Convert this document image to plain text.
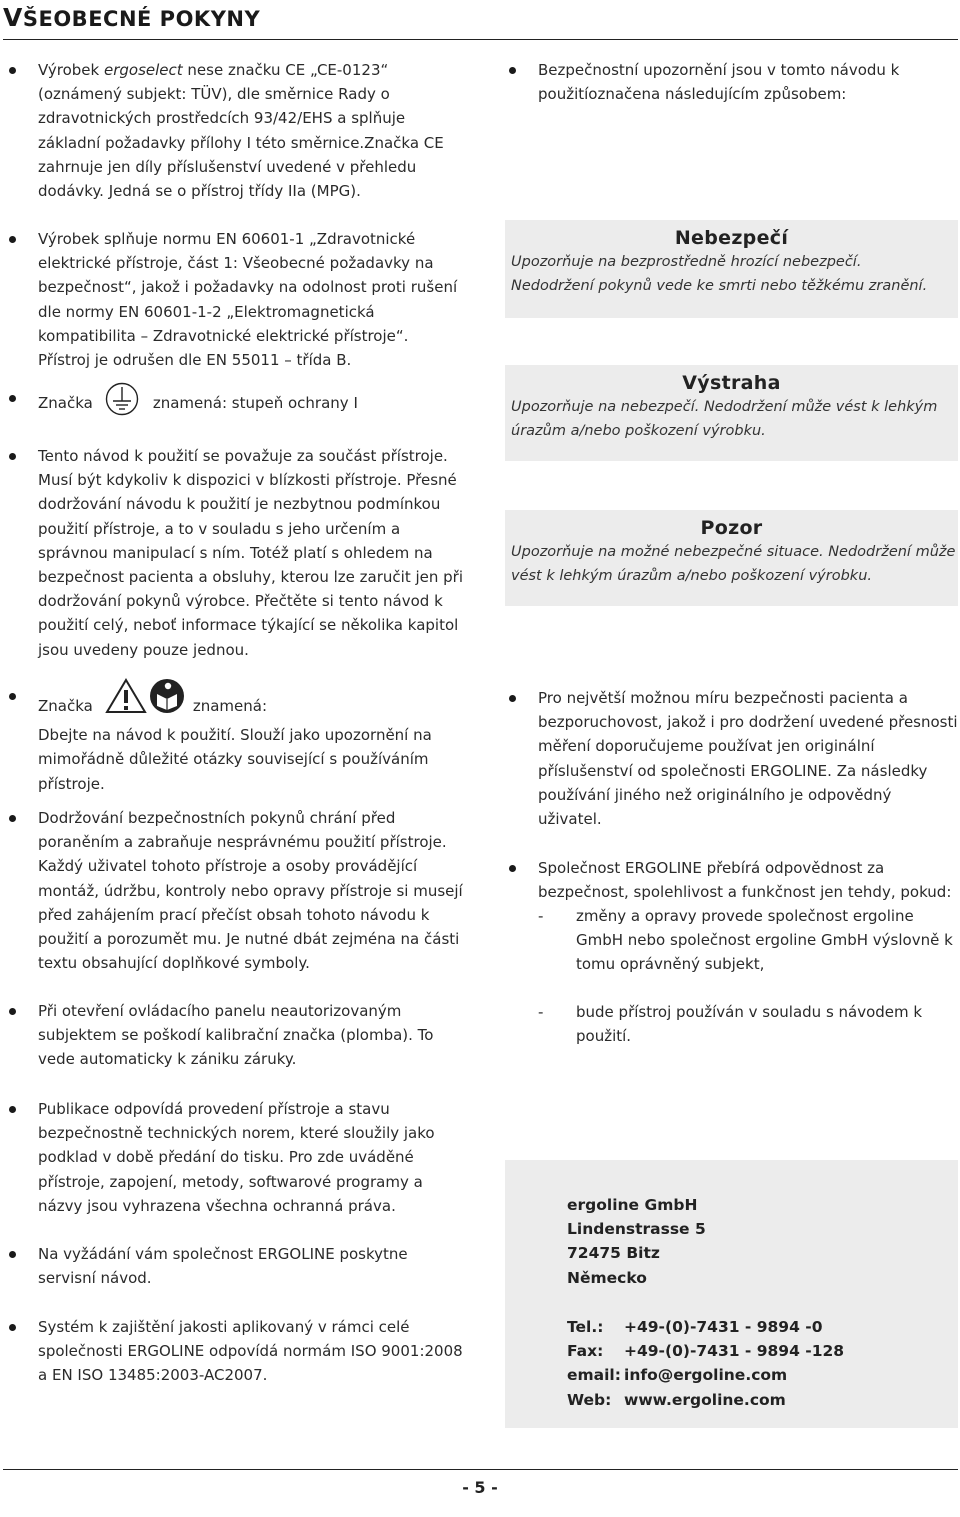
VŠEOBECNÉ POKYNY

Výrobek ergoselect nese značku CE „CE-0123“ (oznámený subjekt: TÜV), dle směrnice Rady o zdravotnických prostředcích 93/42/EHS a splňuje základní požadavky přílohy I této směrnice.Značka CE zahrnuje jen díly příslušenství uvedené v přehledu dodávky. Jedná se o přístroj třídy IIa (MPG).

Výrobek splňuje normu EN 60601-1 „Zdravotnické elektrické přístroje, část 1: Všeobecné požadavky na bezpečnost“, jakož i požadavky na odolnost proti rušení dle normy EN 60601-1-2 „Elektromagnetická kompatibilita – Zdravotnické elektrické přístroje“. Přístroj je odrušen dle EN 55011 – třída B.

Značka	znamená: stupeň ochrany I

Tento návod k použití se považuje za součást přístroje. Musí být kdykoliv k dispozici v blízkosti přístroje. Přesné dodržování návodu k použití je nezbytnou podmínkou použití přístroje, a to v souladu s jeho určením a správnou manipulací s ním. Totéž platí s ohledem na bezpečnost pacienta a obsluhy, kterou lze zaručit jen při dodržování pokynů výrobce. Přečtěte si tento návod k použití celý, neboť informace týkající se několika kapitol jsou uvedeny pouze jednou.

Značka	znamená:

Dbejte na návod k použití. Slouží jako upozornění na mimořádně důležité otázky související s používáním přístroje.

Dodržování bezpečnostních pokynů chrání před poraněním a zabraňuje nesprávnému použití přístroje. Každý uživatel tohoto přístroje a osoby provádějící montáž, údržbu, kontroly nebo opravy přístroje si musejí před zahájením prací přečíst obsah tohoto návodu k použití a porozumět mu. Je nutné dbát zejména na části textu obsahující doplňkové symboly.

Při otevření ovládacího panelu neautorizovaným subjektem se poškodí kalibrační značka (plomba). To vede automaticky k zániku záruky.

Publikace odpovídá provedení přístroje a stavu bezpečnostně technických norem, které sloužily jako podklad v době předání do tisku. Pro zde uváděné přístroje, zapojení, metody, softwarové programy a názvy jsou vyhrazena všechna ochranná práva.

Na vyžádání vám společnost ERGOLINE poskytne servisní návod.

Systém k zajištění jakosti aplikovaný v rámci celé společnosti ERGOLINE odpovídá normám ISO 9001:2008 a EN ISO 13485:2003-AC2007.

Bezpečnostní upozornění jsou v tomto návodu k použitíoznačena následujícím způsobem:

Nebezpečí
Upozorňuje na bezprostředně hrozící nebezpečí.
Nedodržení pokynů vede ke smrti nebo těžkému zranění.
Výstraha
Upozorňuje na nebezpečí. Nedodržení může vést k lehkým
úrazům a/nebo poškození výrobku.
Pozor
Upozorňuje na možné nebezpečné situace. Nedodržení může
vést k lehkým úrazům a/nebo poškození výrobku.

Pro největší možnou míru bezpečnosti pacienta a bezporuchovost, jakož i pro dodržení uvedené přesnosti měření doporučujeme používat jen originální příslušenství od společnosti ERGOLINE. Za následky používání jiného než originálního je odpovědný uživatel.

Společnost ERGOLINE přebírá odpovědnost za bezpečnost, spolehlivost a funkčnost jen tehdy, pokud:

- změny a opravy provede společnost ergoline GmbH nebo společnost ergoline GmbH výslovně k tomu oprávněný subjekt,

- bude přístroj používán v souladu s návodem k použití.

ergoline GmbH
Lindenstrasse 5
72475 Bitz
Německo
Tel.:	+49-(0)-7431 - 9894 -0
Fax:	+49-(0)-7431 - 9894 -128
email: info@ergoline.com
Web: www.ergoline.com
- 5 -
